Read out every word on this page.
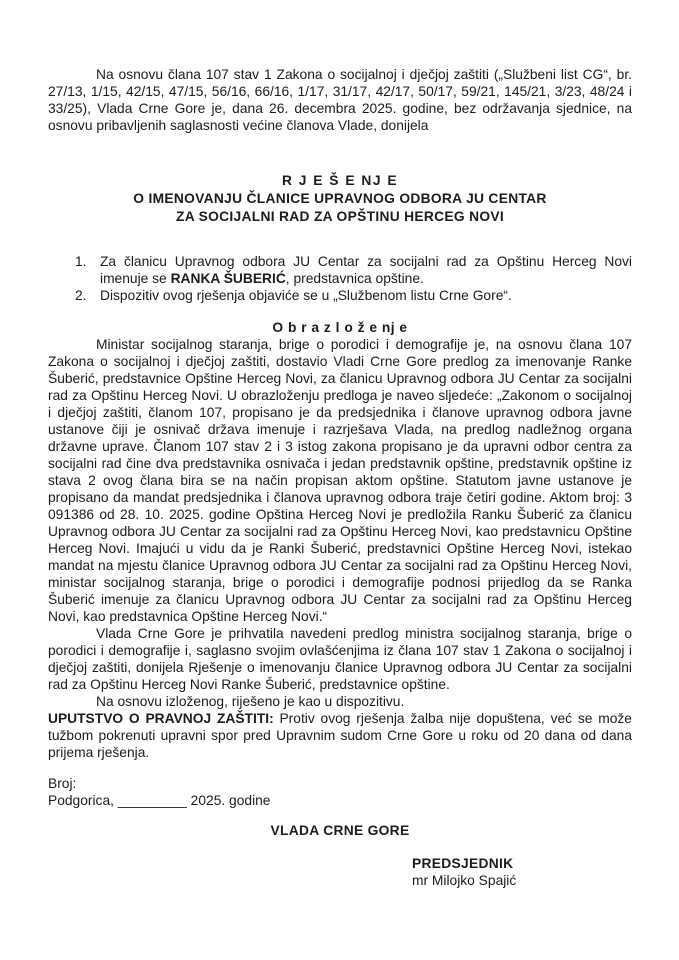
Na osnovu člana 107 stav 1 Zakona o socijalnoj i dječjoj zaštiti („Službeni list CG“, br. 27/13, 1/15, 42/15, 47/15, 56/16, 66/16, 1/17, 31/17, 42/17, 50/17, 59/21, 145/21, 3/23, 48/24 i 33/25), Vlada Crne Gore je, dana 26. decembra 2025. godine, bez održavanja sjednice, na osnovu pribavljenih saglasnosti većine članova Vlade, donijela

R J E Š E NJ E
O IMENOVANJU ČLANICE UPRAVNOG ODBORA JU CENTAR
ZA SOCIJALNI RAD ZA OPŠTINU HERCEG NOVI
1. Za članicu Upravnog odbora JU Centar za socijalni rad za Opštinu Herceg Novi imenuje se RANKA ŠUBERIĆ, predstavnica opštine.
2. Dispozitiv ovog rješenja objaviće se u „Službenom listu Crne Gore“.
O b r a z l o ž e nj e

Ministar socijalnog staranja, brige o porodici i demografije je, na osnovu člana 107 Zakona o socijalnoj i dječjoj zaštiti, dostavio Vladi Crne Gore predlog za imenovanje Ranke Šuberić, predstavnice Opštine Herceg Novi, za članicu Upravnog odbora JU Centar za socijalni rad za Opštinu Herceg Novi. U obrazloženju predloga je naveo sljedeće: „Zakonom o socijalnoj i dječjoj zaštiti, članom 107, propisano je da predsjednika i članove upravnog odbora javne ustanove čiji je osnivač država imenuje i razrješava Vlada, na predlog nadležnog organa državne uprave. Članom 107 stav 2 i 3 istog zakona propisano je da upravni odbor centra za socijalni rad čine dva predstavnika osnivača i jedan predstavnik opštine, predstavnik opštine iz stava 2 ovog člana bira se na način propisan aktom opštine. Statutom javne ustanove je propisano da mandat predsjednika i članova upravnog odbora traje četiri godine. Aktom broj: 3 091386 od 28. 10. 2025. godine Opština Herceg Novi je predložila Ranku Šuberić za članicu Upravnog odbora JU Centar za socijalni rad za Opštinu Herceg Novi, kao predstavnicu Opštine Herceg Novi. Imajući u vidu da je Ranki Šuberić, predstavnici Opštine Herceg Novi, istekao mandat na mjestu članice Upravnog odbora JU Centar za socijalni rad za Opštinu Herceg Novi, ministar socijalnog staranja, brige o porodici i demografije podnosi prijedlog da se Ranka Šuberić imenuje za članicu Upravnog odbora JU Centar za socijalni rad za Opštinu Herceg Novi, kao predstavnica Opštine Herceg Novi.“

Vlada Crne Gore je prihvatila navedeni predlog ministra socijalnog staranja, brige o porodici i demografije i, saglasno svojim ovlašćenjima iz člana 107 stav 1 Zakona o socijalnoj i dječjoj zaštiti, donijela Rješenje o imenovanju članice Upravnog odbora JU Centar za socijalni rad za Opštinu Herceg Novi Ranke Šuberić, predstavnice opštine.

Na osnovu izloženog, riješeno je kao u dispozitivu.

UPUTSTVO O PRAVNOJ ZAŠTITI: Protiv ovog rješenja žalba nije dopuštena, već se može tužbom pokrenuti upravni spor pred Upravnim sudom Crne Gore u roku od 20 dana od dana prijema rješenja.

Broj:
Podgorica, _________ 2025. godine
VLADA CRNE GORE
PREDSJEDNIK
mr Milojko Spajić
